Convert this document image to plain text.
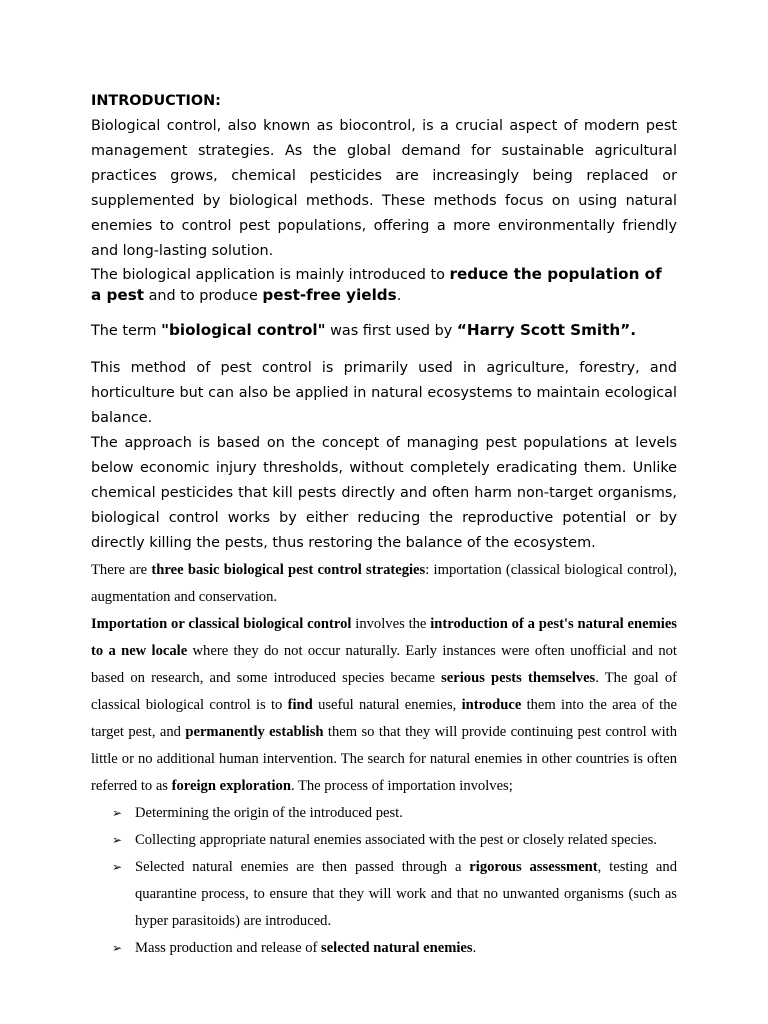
INTRODUCTION:

Biological control, also known as biocontrol, is a crucial aspect of modern pest management strategies. As the global demand for sustainable agricultural practices grows, chemical pesticides are increasingly being replaced or supplemented by biological methods. These methods focus on using natural enemies to control pest populations, offering a more environmentally friendly and long-lasting solution.

The biological application is mainly introduced to reduce the population of a pest and to produce pest-free yields.

The term "biological control" was first used by “Harry Scott Smith”.

This method of pest control is primarily used in agriculture, forestry, and horticulture but can also be applied in natural ecosystems to maintain ecological balance.

The approach is based on the concept of managing pest populations at levels below economic injury thresholds, without completely eradicating them. Unlike chemical pesticides that kill pests directly and often harm non-target organisms, biological control works by either reducing the reproductive potential or by directly killing the pests, thus restoring the balance of the ecosystem.

There are three basic biological pest control strategies: importation (classical biological control), augmentation and conservation.

Importation or classical biological control involves the introduction of a pest's natural enemies to a new locale where they do not occur naturally. Early instances were often unofficial and not based on research, and some introduced species became serious pests themselves. The goal of classical biological control is to find useful natural enemies, introduce them into the area of the target pest, and permanently establish them so that they will provide continuing pest control with little or no additional human intervention. The search for natural enemies in other countries is often referred to as foreign exploration. The process of importation involves;

➢ Determining the origin of the introduced pest.
➢ Collecting appropriate natural enemies associated with the pest or closely related species.
➢ Selected natural enemies are then passed through a rigorous assessment, testing and quarantine process, to ensure that they will work and that no unwanted organisms (such as hyper parasitoids) are introduced.
➢ Mass production and release of selected natural enemies.
